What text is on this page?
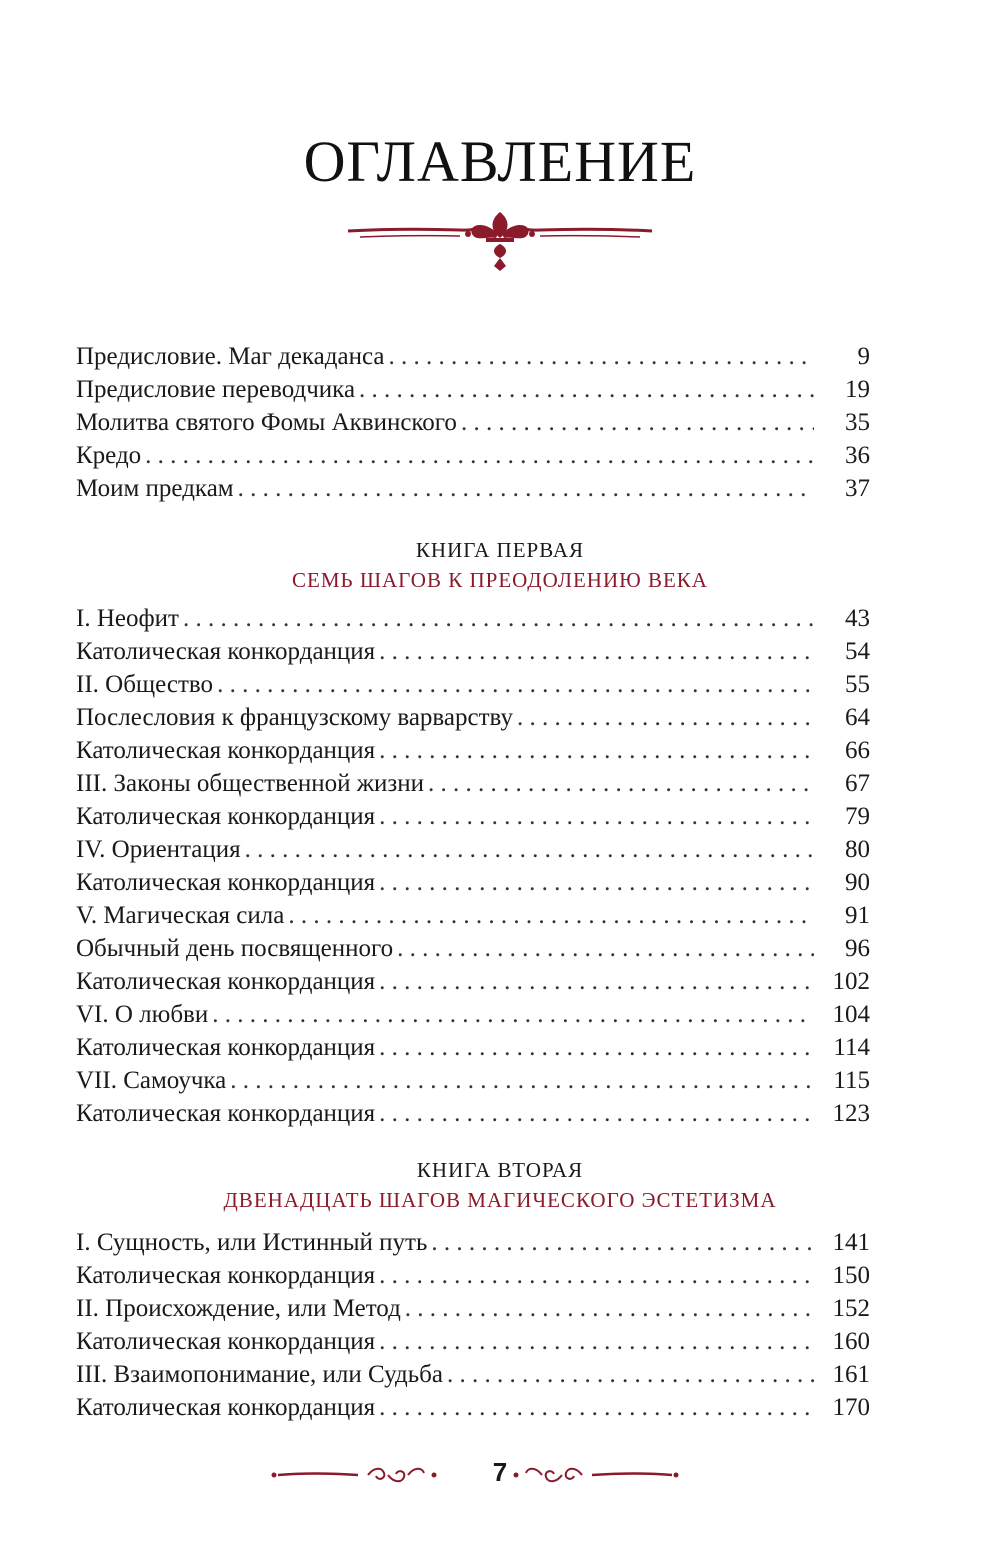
ОГЛАВЛЕНИЕ
Предисловие. Маг декаданса . . .	9
Предисловие переводчика . . .	19
Молитва святого Фомы Аквинского . . .	35
Кредо . . .	36
Моим предкам . . .	37
КНИГА ПЕРВАЯ
СЕМЬ ШАГОВ К ПРЕОДОЛЕНИЮ ВЕКА
I. Неофит . . .	43
Католическая конкорданция . . .	54
II. Общество . . .	55
Послесловия к французскому варварству . . .	64
Католическая конкорданция . . .	66
III. Законы общественной жизни . . .	67
Католическая конкорданция . . .	79
IV. Ориентация . . .	80
Католическая конкорданция . . .	90
V. Магическая сила . . .	91
Обычный день посвященного . . .	96
Католическая конкорданция . . .	102
VI. О любви . . .	104
Католическая конкорданция . . .	114
VII. Самоучка . . .	115
Католическая конкорданция . . .	123
КНИГА ВТОРАЯ
ДВЕНАДЦАТЬ ШАГОВ МАГИЧЕСКОГО ЭСТЕТИЗМА
I. Сущность, или Истинный путь . . .	141
Католическая конкорданция . . .	150
II. Происхождение, или Метод . . .	152
Католическая конкорданция . . .	160
III. Взаимопонимание, или Судьба . . .	161
Католическая конкорданция . . .	170
7
